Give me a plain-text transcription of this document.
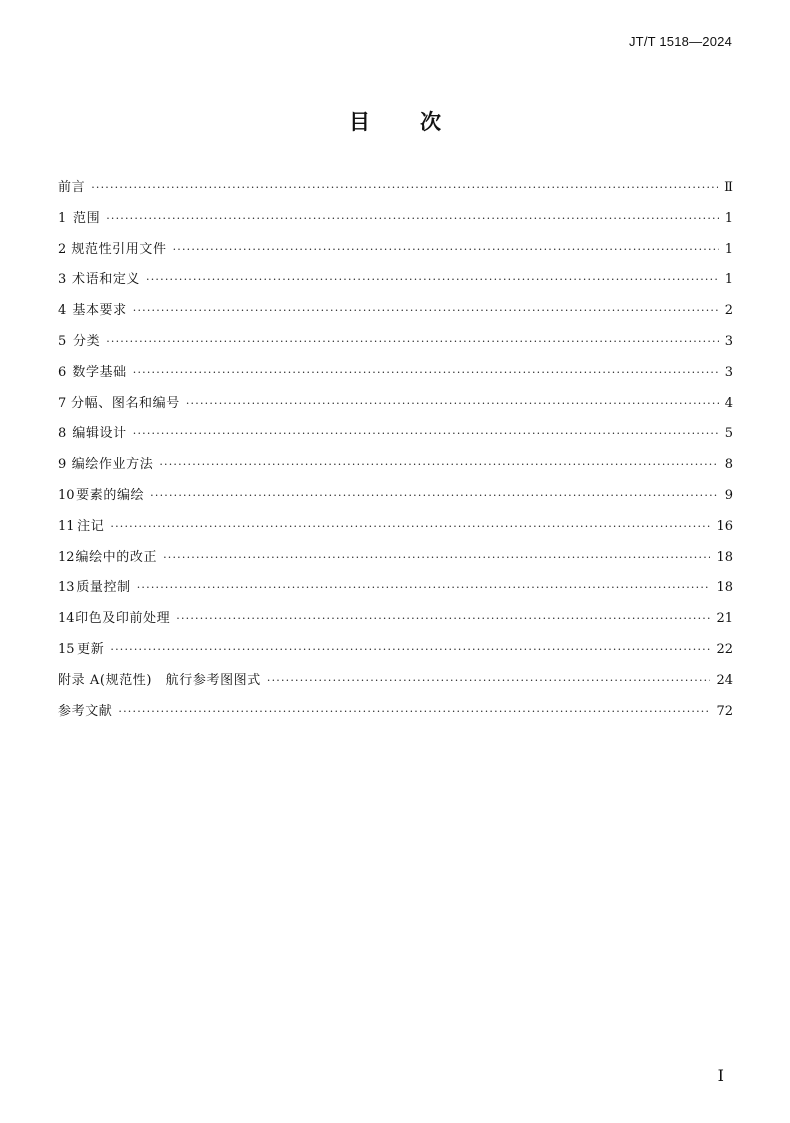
JT/T 1518—2024
目次
前言 ·····	Ⅱ
1 范围 ·····	1
2 规范性引用文件 ·····	1
3 术语和定义 ·····	1
4 基本要求 ·····	2
5 分类 ·····	3
6 数学基础 ·····	3
7 分幅、图名和编号 ·····	4
8 编辑设计 ·····	5
9 编绘作业方法 ·····	8
10 要素的编绘 ·····	9
11 注记 ·····	16
12 编绘中的改正 ·····	18
13 质量控制 ·····	18
14 印色及印前处理 ·····	21
15 更新 ·····	22
附录 A(规范性)　航行参考图图式 ·····	24
参考文献 ·····	72
I
